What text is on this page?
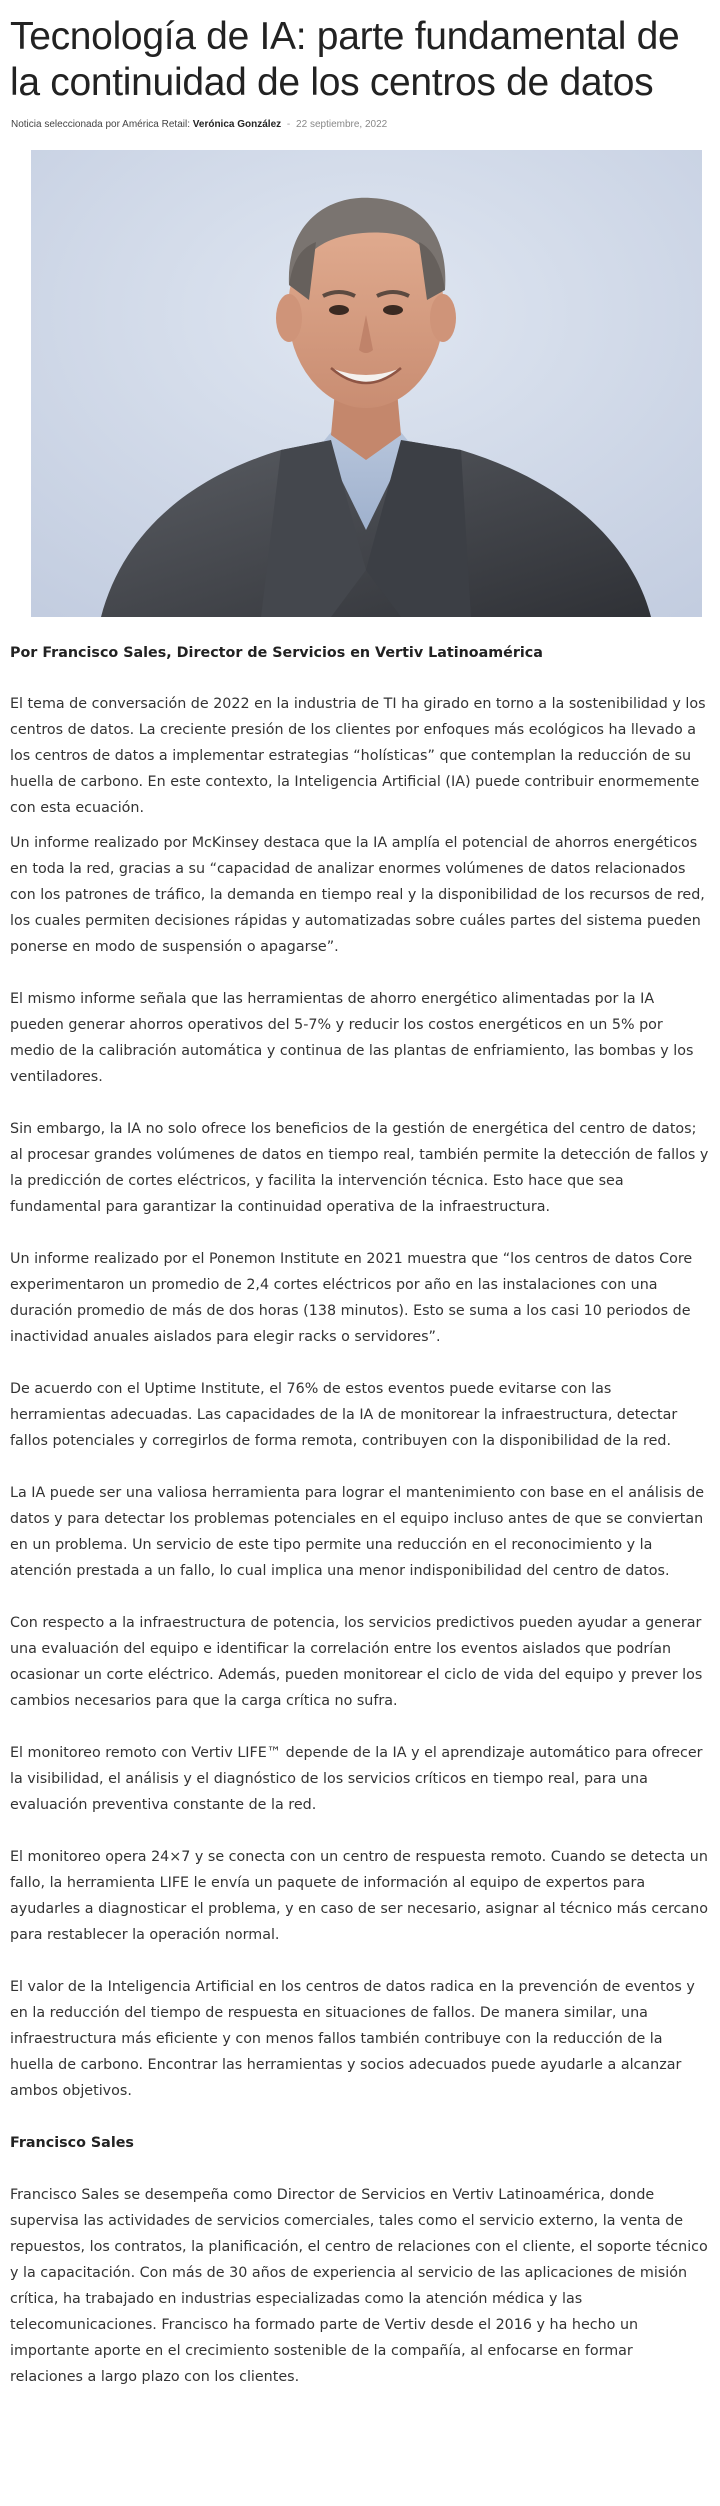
Tecnología de IA: parte fundamental de la continuidad de los centros de datos
Noticia seleccionada por América Retail: Verónica González - 22 septiembre, 2022

Por Francisco Sales, Director de Servicios en Vertiv Latinoamérica

El tema de conversación de 2022 en la industria de TI ha girado en torno a la sostenibilidad y los centros de datos. La creciente presión de los clientes por enfoques más ecológicos ha llevado a los centros de datos a implementar estrategias “holísticas” que contemplan la reducción de su huella de carbono. En este contexto, la Inteligencia Artificial (IA) puede contribuir enormemente con esta ecuación.

Un informe realizado por McKinsey destaca que la IA amplía el potencial de ahorros energéticos en toda la red, gracias a su “capacidad de analizar enormes volúmenes de datos relacionados con los patrones de tráfico, la demanda en tiempo real y la disponibilidad de los recursos de red, los cuales permiten decisiones rápidas y automatizadas sobre cuáles partes del sistema pueden ponerse en modo de suspensión o apagarse”.

El mismo informe señala que las herramientas de ahorro energético alimentadas por la IA pueden generar ahorros operativos del 5-7% y reducir los costos energéticos en un 5% por medio de la calibración automática y continua de las plantas de enfriamiento, las bombas y los ventiladores.

Sin embargo, la IA no solo ofrece los beneficios de la gestión de energética del centro de datos; al procesar grandes volúmenes de datos en tiempo real, también permite la detección de fallos y la predicción de cortes eléctricos, y facilita la intervención técnica. Esto hace que sea fundamental para garantizar la continuidad operativa de la infraestructura.

Un informe realizado por el Ponemon Institute en 2021 muestra que “los centros de datos Core experimentaron un promedio de 2,4 cortes eléctricos por año en las instalaciones con una duración promedio de más de dos horas (138 minutos). Esto se suma a los casi 10 periodos de inactividad anuales aislados para elegir racks o servidores”.

De acuerdo con el Uptime Institute, el 76% de estos eventos puede evitarse con las herramientas adecuadas. Las capacidades de la IA de monitorear la infraestructura, detectar fallos potenciales y corregirlos de forma remota, contribuyen con la disponibilidad de la red.

La IA puede ser una valiosa herramienta para lograr el mantenimiento con base en el análisis de datos y para detectar los problemas potenciales en el equipo incluso antes de que se conviertan en un problema. Un servicio de este tipo permite una reducción en el reconocimiento y la atención prestada a un fallo, lo cual implica una menor indisponibilidad del centro de datos.

Con respecto a la infraestructura de potencia, los servicios predictivos pueden ayudar a generar una evaluación del equipo e identificar la correlación entre los eventos aislados que podrían ocasionar un corte eléctrico. Además, pueden monitorear el ciclo de vida del equipo y prever los cambios necesarios para que la carga crítica no sufra.

El monitoreo remoto con Vertiv LIFE™ depende de la IA y el aprendizaje automático para ofrecer la visibilidad, el análisis y el diagnóstico de los servicios críticos en tiempo real, para una evaluación preventiva constante de la red.

El monitoreo opera 24×7 y se conecta con un centro de respuesta remoto. Cuando se detecta un fallo, la herramienta LIFE le envía un paquete de información al equipo de expertos para ayudarles a diagnosticar el problema, y en caso de ser necesario, asignar al técnico más cercano para restablecer la operación normal.

El valor de la Inteligencia Artificial en los centros de datos radica en la prevención de eventos y en la reducción del tiempo de respuesta en situaciones de fallos. De manera similar, una infraestructura más eficiente y con menos fallos también contribuye con la reducción de la huella de carbono. Encontrar las herramientas y socios adecuados puede ayudarle a alcanzar ambos objetivos.

Francisco Sales

Francisco Sales se desempeña como Director de Servicios en Vertiv Latinoamérica, donde supervisa las actividades de servicios comerciales, tales como el servicio externo, la venta de repuestos, los contratos, la planificación, el centro de relaciones con el cliente, el soporte técnico y la capacitación. Con más de 30 años de experiencia al servicio de las aplicaciones de misión crítica, ha trabajado en industrias especializadas como la atención médica y las telecomunicaciones. Francisco ha formado parte de Vertiv desde el 2016 y ha hecho un importante aporte en el crecimiento sostenible de la compañía, al enfocarse en formar relaciones a largo plazo con los clientes.
